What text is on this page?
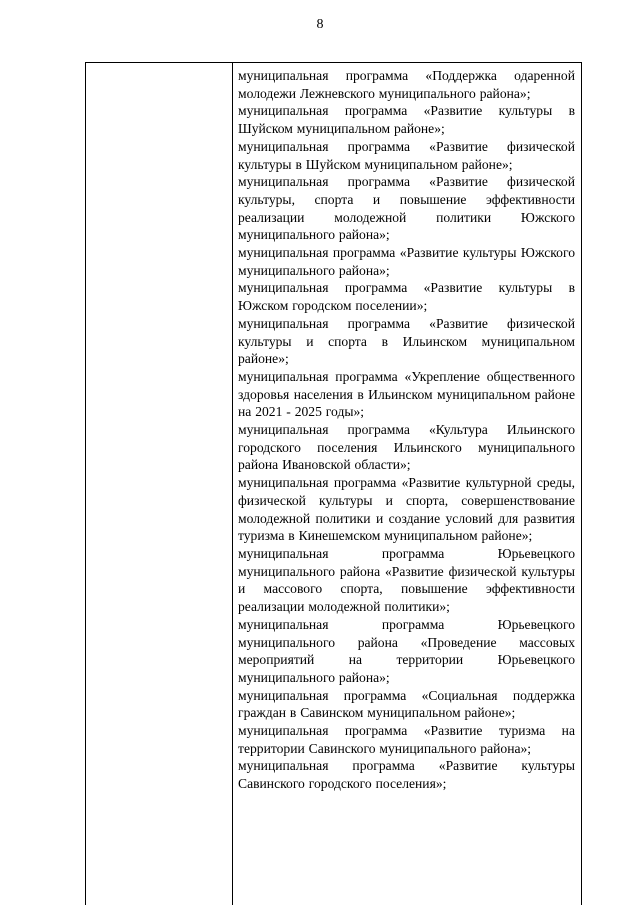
8

муниципальная программа «Поддержка одаренной молодежи Лежневского муниципального района»;

муниципальная программа «Развитие культуры в Шуйском муниципальном районе»;

муниципальная программа «Развитие физической культуры в Шуйском муниципальном районе»;

муниципальная программа «Развитие физической культуры, спорта и повышение эффективности реализации молодежной политики Южского муниципального района»;

муниципальная программа «Развитие культуры Южского муниципального района»;

муниципальная программа «Развитие культуры в Южском городском поселении»;

муниципальная программа «Развитие физической культуры и спорта в Ильинском муниципальном районе»;

муниципальная программа «Укрепление общественного здоровья населения в Ильинском муниципальном районе на 2021 - 2025 годы»;

муниципальная программа «Культура Ильинского городского поселения Ильинского муниципального района Ивановской области»;

муниципальная программа «Развитие культурной среды, физической культуры и спорта, совершенствование молодежной политики и создание условий для развития туризма в Кинешемском муниципальном районе»;

муниципальная программа Юрьевецкого муниципального района «Развитие физической культуры и массового спорта, повышение эффективности реализации молодежной политики»;

муниципальная программа Юрьевецкого муниципального района «Проведение массовых мероприятий на территории Юрьевецкого муниципального района»;

муниципальная программа «Социальная поддержка граждан в Савинском муниципальном районе»;

муниципальная программа «Развитие туризма на территории Савинского муниципального района»;

муниципальная программа «Развитие культуры Савинского городского поселения»;
